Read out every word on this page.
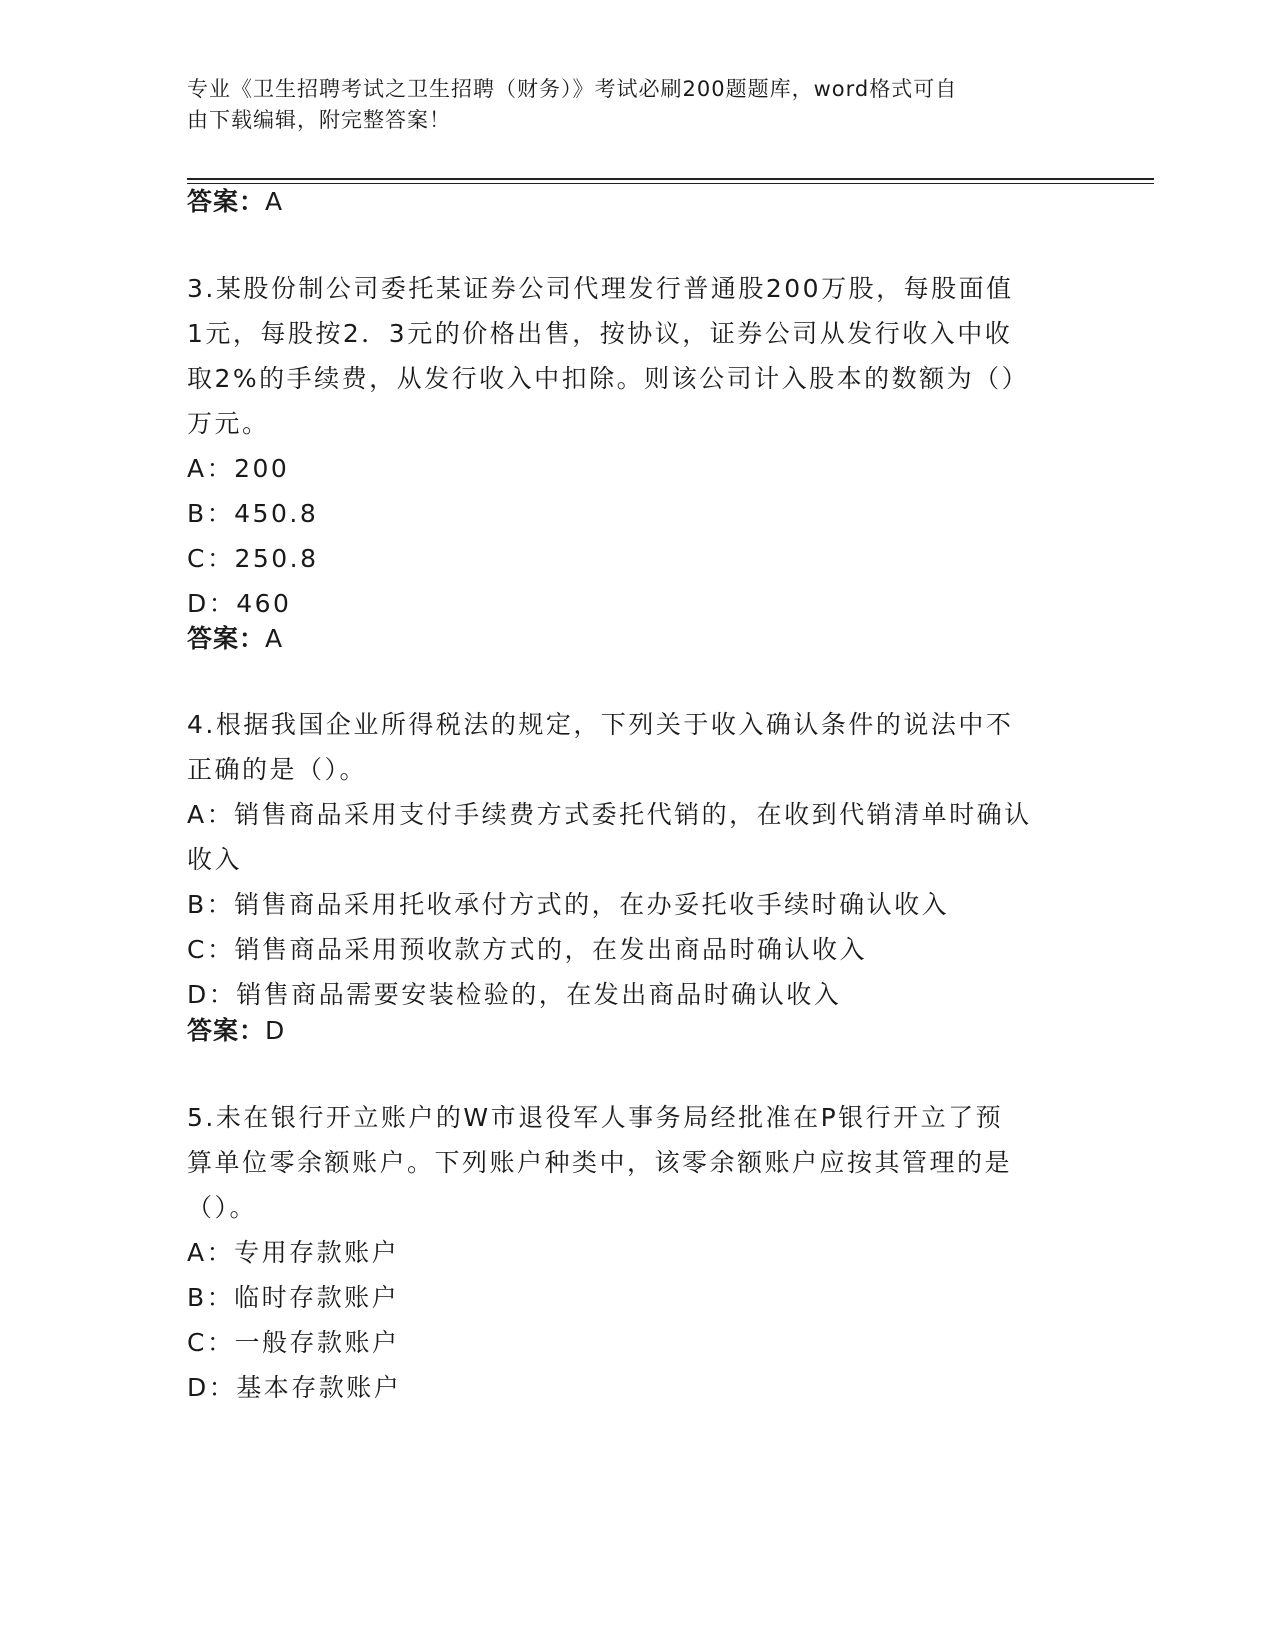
专业《卫生招聘考试之卫生招聘（财务）》考试必刷200题题库，word格式可自
由下载编辑，附完整答案！
答案：A
3.某股份制公司委托某证券公司代理发行普通股200万股，每股面值
1元，每股按2．3元的价格出售，按协议，证券公司从发行收入中收
取2%的手续费，从发行收入中扣除。则该公司计入股本的数额为（）
万元。
A：200
B：450.8
C：250.8
D：460
答案：A
4.根据我国企业所得税法的规定，下列关于收入确认条件的说法中不
正确的是（）。
A：销售商品采用支付手续费方式委托代销的，在收到代销清单时确认
收入
B：销售商品采用托收承付方式的，在办妥托收手续时确认收入
C：销售商品采用预收款方式的，在发出商品时确认收入
D：销售商品需要安装检验的，在发出商品时确认收入
答案：D
5.未在银行开立账户的W市退役军人事务局经批准在P银行开立了预
算单位零余额账户。下列账户种类中，该零余额账户应按其管理的是
（）。
A：专用存款账户
B：临时存款账户
C：一般存款账户
D：基本存款账户
